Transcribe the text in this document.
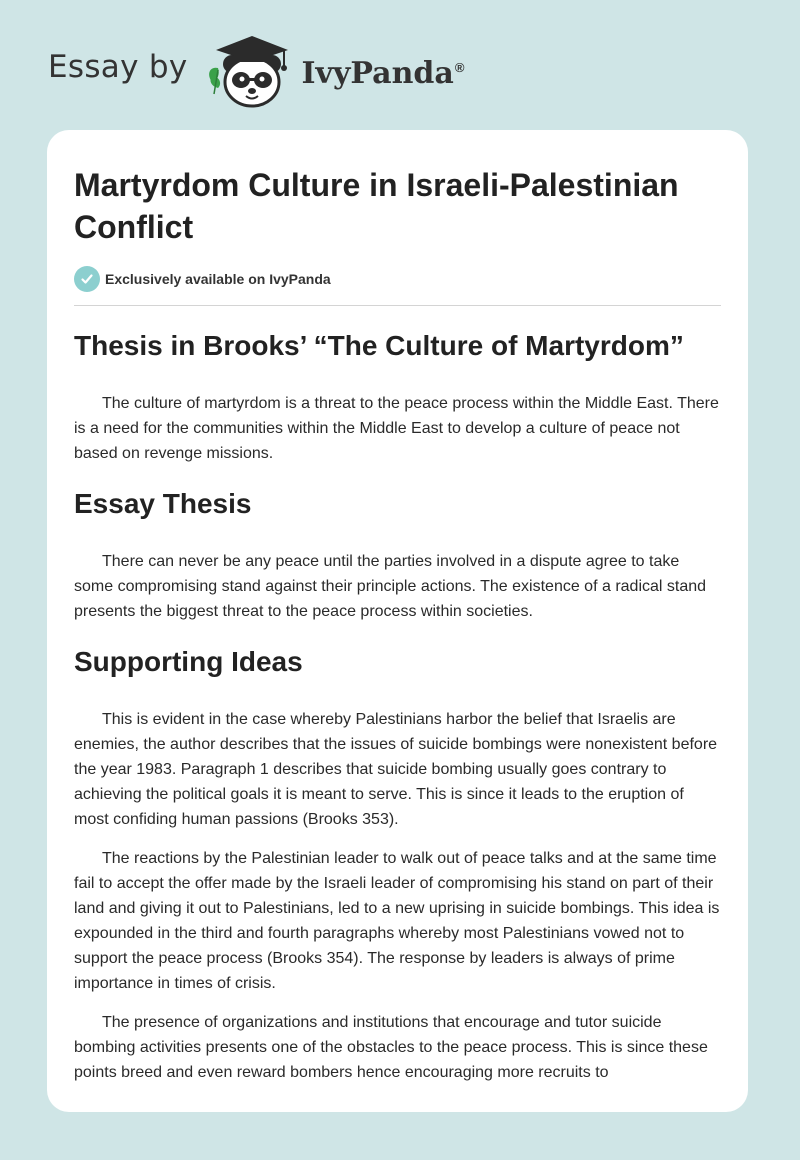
Essay by	IvyPanda®
Martyrdom Culture in Israeli-Palestinian Conflict
Exclusively available on IvyPanda
Thesis in Brooks’ “The Culture of Martyrdom”

The culture of martyrdom is a threat to the peace process within the Middle East. There is a need for the communities within the Middle East to develop a culture of peace not based on revenge missions.

Essay Thesis

There can never be any peace until the parties involved in a dispute agree to take some compromising stand against their principle actions. The existence of a radical stand presents the biggest threat to the peace process within societies.

Supporting Ideas

This is evident in the case whereby Palestinians harbor the belief that Israelis are enemies, the author describes that the issues of suicide bombings were nonexistent before the year 1983. Paragraph 1 describes that suicide bombing usually goes contrary to achieving the political goals it is meant to serve. This is since it leads to the eruption of most confiding human passions (Brooks 353).

The reactions by the Palestinian leader to walk out of peace talks and at the same time fail to accept the offer made by the Israeli leader of compromising his stand on part of their land and giving it out to Palestinians, led to a new uprising in suicide bombings. This idea is expounded in the third and fourth paragraphs whereby most Palestinians vowed not to support the peace process (Brooks 354). The response by leaders is always of prime importance in times of crisis.

The presence of organizations and institutions that encourage and tutor suicide bombing activities presents one of the obstacles to the peace process. This is since these points breed and even reward bombers hence encouraging more recruits to
